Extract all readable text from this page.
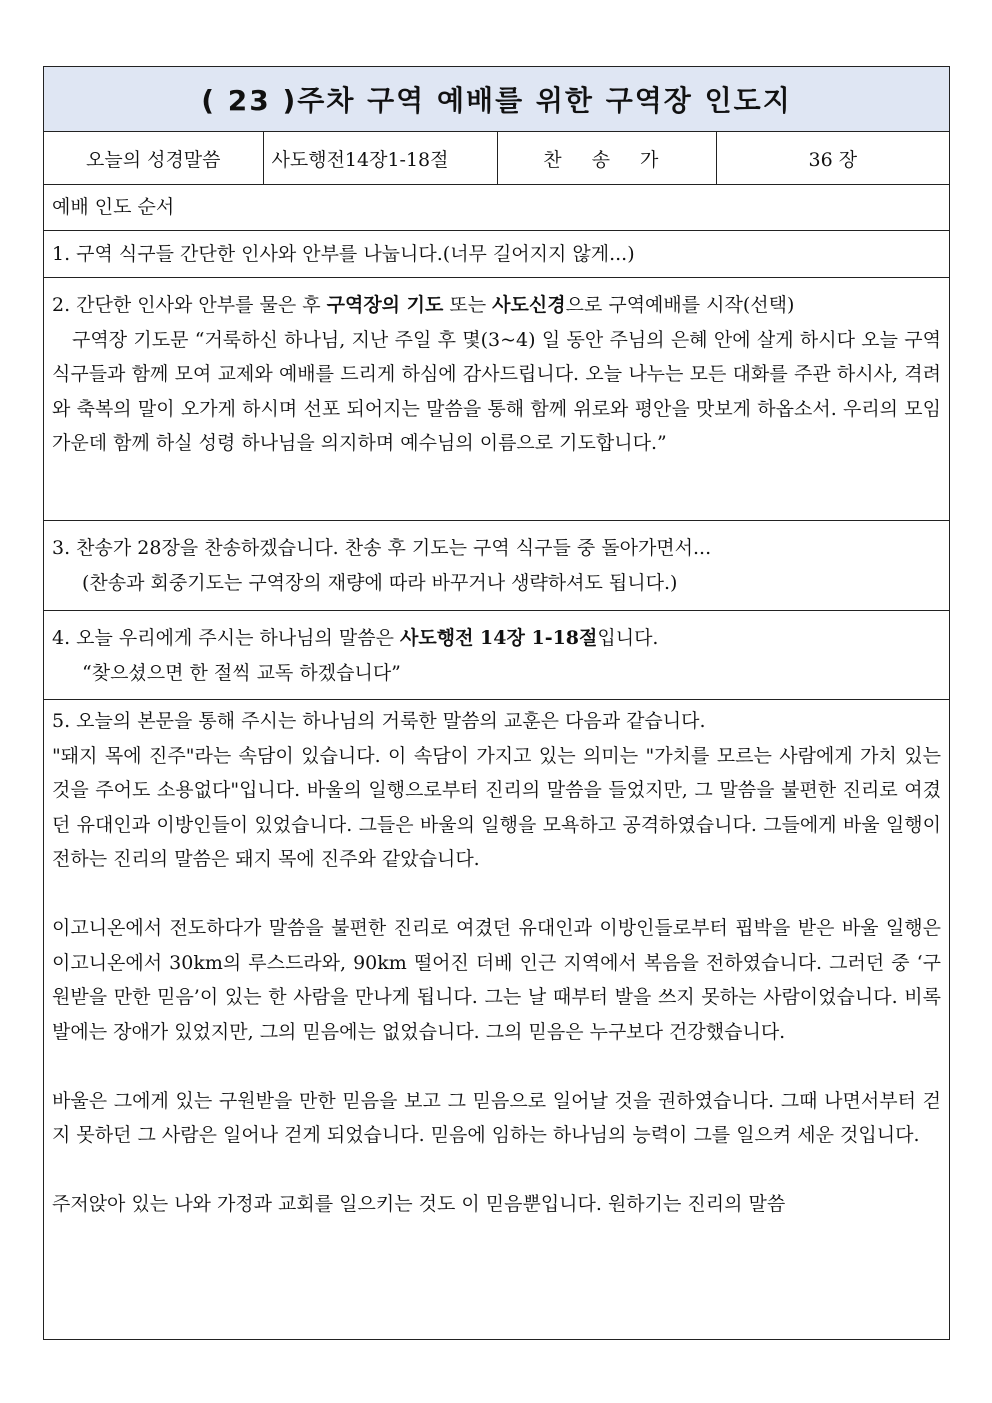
( 23 )주차 구역 예배를 위한 구역장 인도지
오늘의 성경말씀	사도행전14장1-18절	찬 송 가	36 장
예배 인도 순서
1. 구역 식구들 간단한 인사와 안부를 나눕니다.(너무 길어지지 않게...)

2. 간단한 인사와 안부를 물은 후 구역장의 기도 또는 사도신경으로 구역예배를 시작(선택)

구역장 기도문 “거룩하신 하나님, 지난 주일 후 몇(3~4) 일 동안 주님의 은혜 안에 살게 하시다 오늘 구역 식구들과 함께 모여 교제와 예배를 드리게 하심에 감사드립니다. 오늘 나누는 모든 대화를 주관 하시사, 격려와 축복의 말이 오가게 하시며 선포 되어지는 말씀을 통해 함께 위로와 평안을 맛보게 하옵소서. 우리의 모임 가운데 함께 하실 성령 하나님을 의지하며 예수님의 이름으로 기도합니다.”

3. 찬송가 28장을 찬송하겠습니다. 찬송 후 기도는 구역 식구들 중 돌아가면서...

(찬송과 회중기도는 구역장의 재량에 따라 바꾸거나 생략하셔도 됩니다.)

4. 오늘 우리에게 주시는 하나님의 말씀은 사도행전 14장 1-18절입니다.

“찾으셨으면 한 절씩 교독 하겠습니다”

5. 오늘의 본문을 통해 주시는 하나님의 거룩한 말씀의 교훈은 다음과 같습니다.

"돼지 목에 진주"라는 속담이 있습니다. 이 속담이 가지고 있는 의미는 "가치를 모르는 사람에게 가치 있는 것을 주어도 소용없다"입니다. 바울의 일행으로부터 진리의 말씀을 들었지만, 그 말씀을 불편한 진리로 여겼던 유대인과 이방인들이 있었습니다. 그들은 바울의 일행을 모욕하고 공격하였습니다. 그들에게 바울 일행이 전하는 진리의 말씀은 돼지 목에 진주와 같았습니다.

이고니온에서 전도하다가 말씀을 불편한 진리로 여겼던 유대인과 이방인들로부터 핍박을 받은 바울 일행은 이고니온에서 30km의 루스드라와, 90km 떨어진 더베 인근 지역에서 복음을 전하였습니다. 그러던 중 ‘구원받을 만한 믿음’이 있는 한 사람을 만나게 됩니다. 그는 날 때부터 발을 쓰지 못하는 사람이었습니다. 비록 발에는 장애가 있었지만, 그의 믿음에는 없었습니다. 그의 믿음은 누구보다 건강했습니다.

바울은 그에게 있는 구원받을 만한 믿음을 보고 그 믿음으로 일어날 것을 권하였습니다. 그때 나면서부터 걷지 못하던 그 사람은 일어나 걷게 되었습니다. 믿음에 임하는 하나님의 능력이 그를 일으켜 세운 것입니다.

주저앉아 있는 나와 가정과 교회를 일으키는 것도 이 믿음뿐입니다. 원하기는 진리의 말씀
